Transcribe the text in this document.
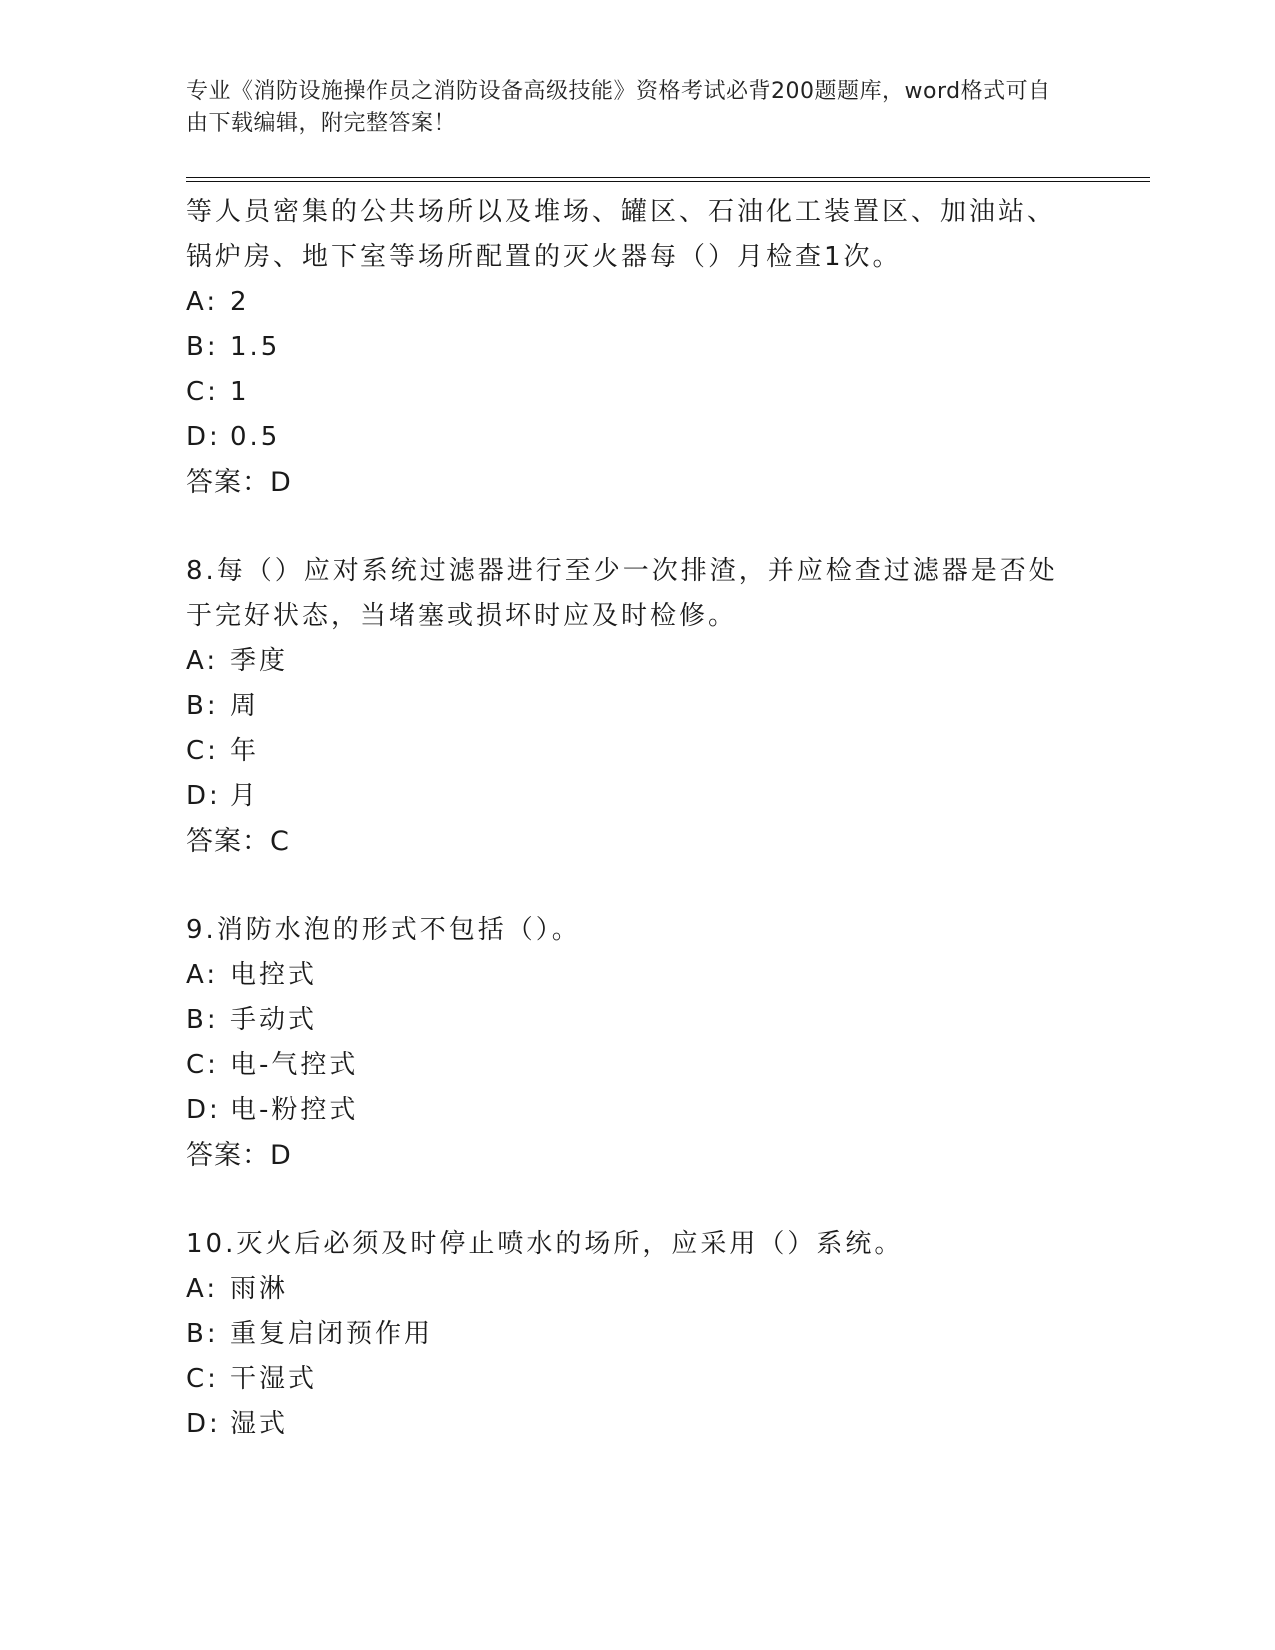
专业《消防设施操作员之消防设备高级技能》资格考试必背200题题库，word格式可自由下载编辑，附完整答案！
等人员密集的公共场所以及堆场、罐区、石油化工装置区、加油站、锅炉房、地下室等场所配置的灭火器每（）月检查1次。
A: 2
B: 1.5
C: 1
D: 0.5
答案：D
8.每（）应对系统过滤器进行至少一次排渣，并应检查过滤器是否处于完好状态，当堵塞或损坏时应及时检修。
A: 季度
B: 周
C: 年
D: 月
答案：C
9.消防水泡的形式不包括（）。
A: 电控式
B: 手动式
C: 电-气控式
D: 电-粉控式
答案：D
10.灭火后必须及时停止喷水的场所，应采用（）系统。
A: 雨淋
B: 重复启闭预作用
C: 干湿式
D: 湿式
